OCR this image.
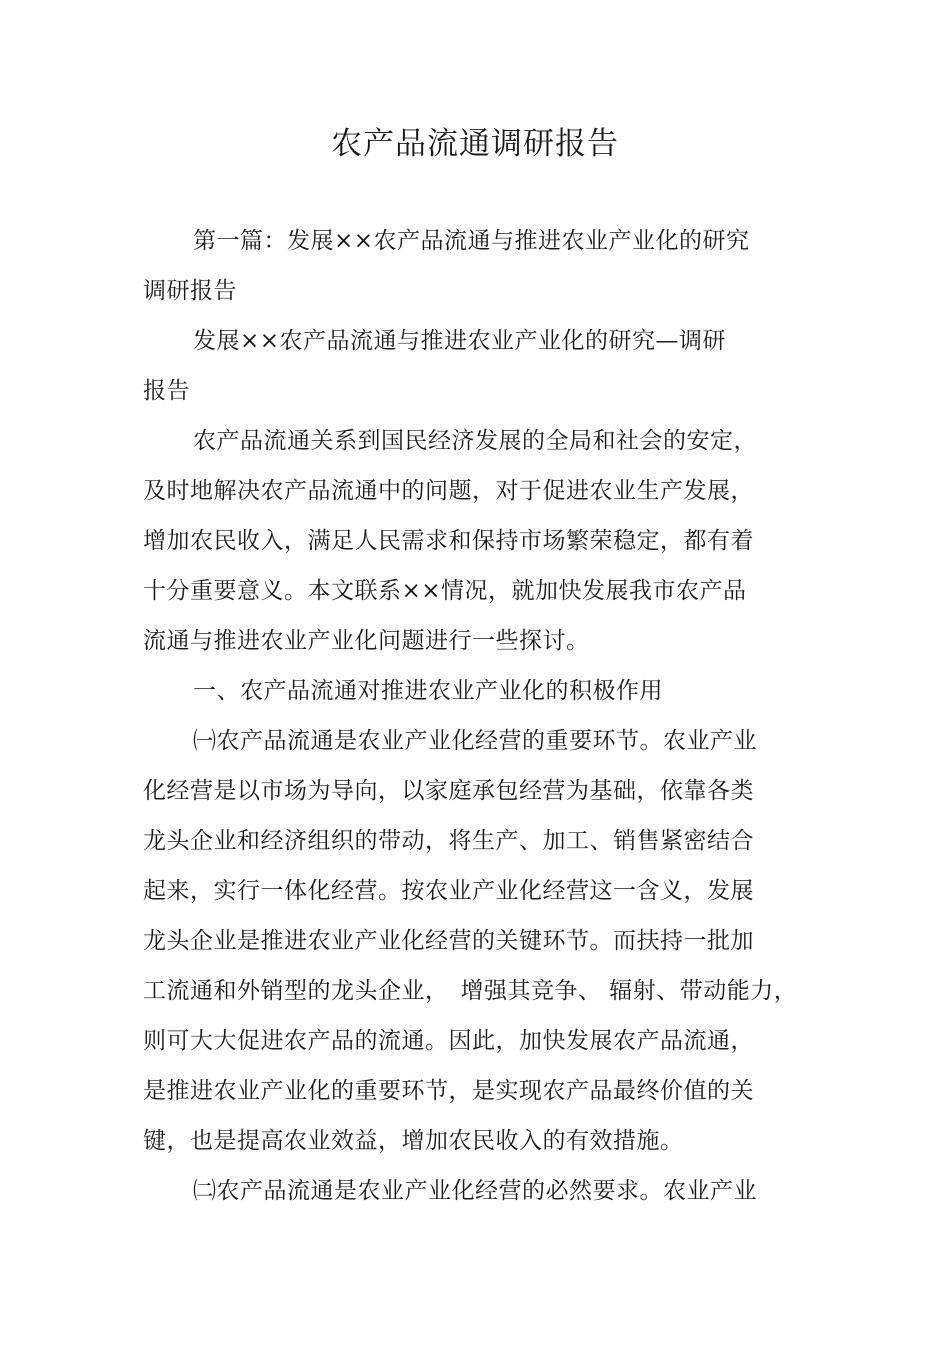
农产品流通调研报告
第一篇：发展××农产品流通与推进农业产业化的研究
调研报告
发展××农产品流通与推进农业产业化的研究—调研
报告
农产品流通关系到国民经济发展的全局和社会的安定，
及时地解决农产品流通中的问题，对于促进农业生产发展，
增加农民收入，满足人民需求和保持市场繁荣稳定，都有着
十分重要意义。本文联系××情况，就加快发展我市农产品
流通与推进农业产业化问题进行一些探讨。
一、农产品流通对推进农业产业化的积极作用
㈠农产品流通是农业产业化经营的重要环节。农业产业
化经营是以市场为导向，以家庭承包经营为基础，依靠各类
龙头企业和经济组织的带动，将生产、加工、销售紧密结合
起来，实行一体化经营。按农业产业化经营这一含义，发展
龙头企业是推进农业产业化经营的关键环节。而扶持一批加
工流通和外销型的龙头企业，　增强其竞争、 辐射、带动能力，
则可大大促进农产品的流通。因此，加快发展农产品流通，
是推进农业产业化的重要环节，是实现农产品最终价值的关
键，也是提高农业效益，增加农民收入的有效措施。
㈡农产品流通是农业产业化经营的必然要求。农业产业
